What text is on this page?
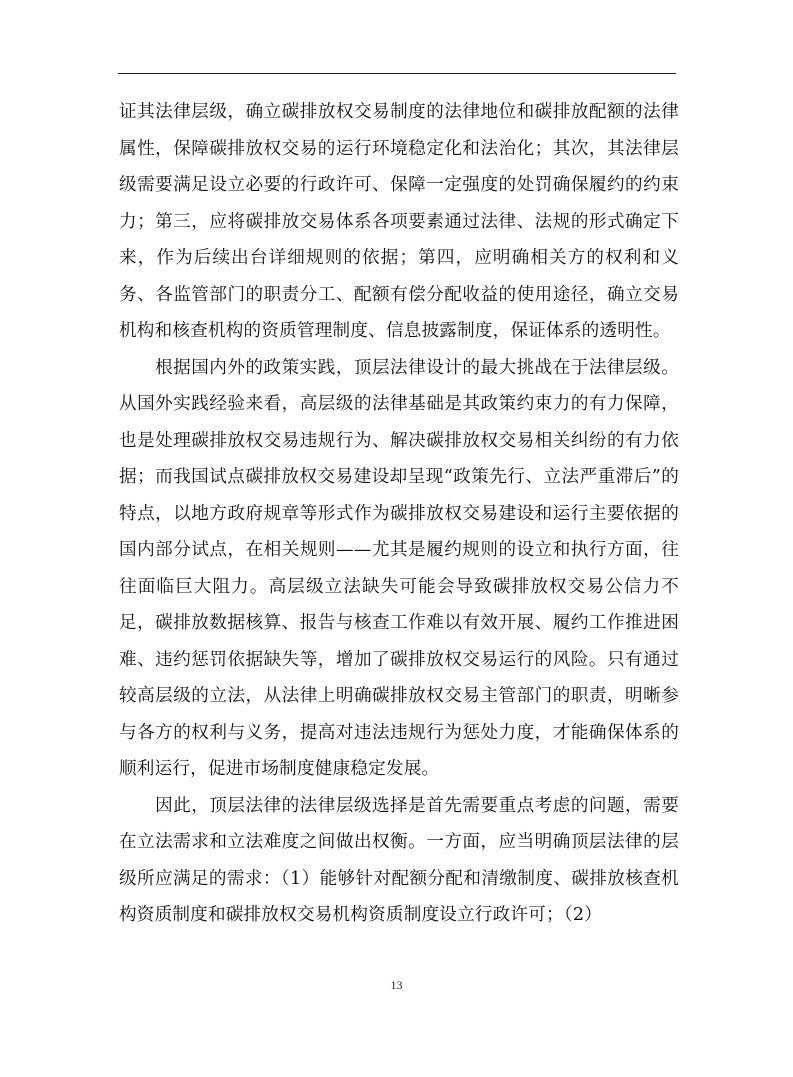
证其法律层级，确立碳排放权交易制度的法律地位和碳排放配额的法律属性，保障碳排放权交易的运行环境稳定化和法治化；其次，其法律层级需要满足设立必要的行政许可、保障一定强度的处罚确保履约的约束力；第三，应将碳排放交易体系各项要素通过法律、法规的形式确定下来，作为后续出台详细规则的依据；第四，应明确相关方的权利和义务、各监管部门的职责分工、配额有偿分配收益的使用途径，确立交易机构和核查机构的资质管理制度、信息披露制度，保证体系的透明性。

根据国内外的政策实践，顶层法律设计的最大挑战在于法律层级。从国外实践经验来看，高层级的法律基础是其政策约束力的有力保障，也是处理碳排放权交易违规行为、解决碳排放权交易相关纠纷的有力依据；而我国试点碳排放权交易建设却呈现“政策先行、立法严重滞后”的特点，以地方政府规章等形式作为碳排放权交易建设和运行主要依据的国内部分试点，在相关规则——尤其是履约规则的设立和执行方面，往往面临巨大阻力。高层级立法缺失可能会导致碳排放权交易公信力不足，碳排放数据核算、报告与核查工作难以有效开展、履约工作推进困难、违约惩罚依据缺失等，增加了碳排放权交易运行的风险。只有通过较高层级的立法，从法律上明确碳排放权交易主管部门的职责，明晰参与各方的权利与义务，提高对违法违规行为惩处力度，才能确保体系的顺利运行，促进市场制度健康稳定发展。

因此，顶层法律的法律层级选择是首先需要重点考虑的问题，需要在立法需求和立法难度之间做出权衡。一方面，应当明确顶层法律的层级所应满足的需求：（1）能够针对配额分配和清缴制度、碳排放核查机构资质制度和碳排放权交易机构资质制度设立行政许可；（2）

13
